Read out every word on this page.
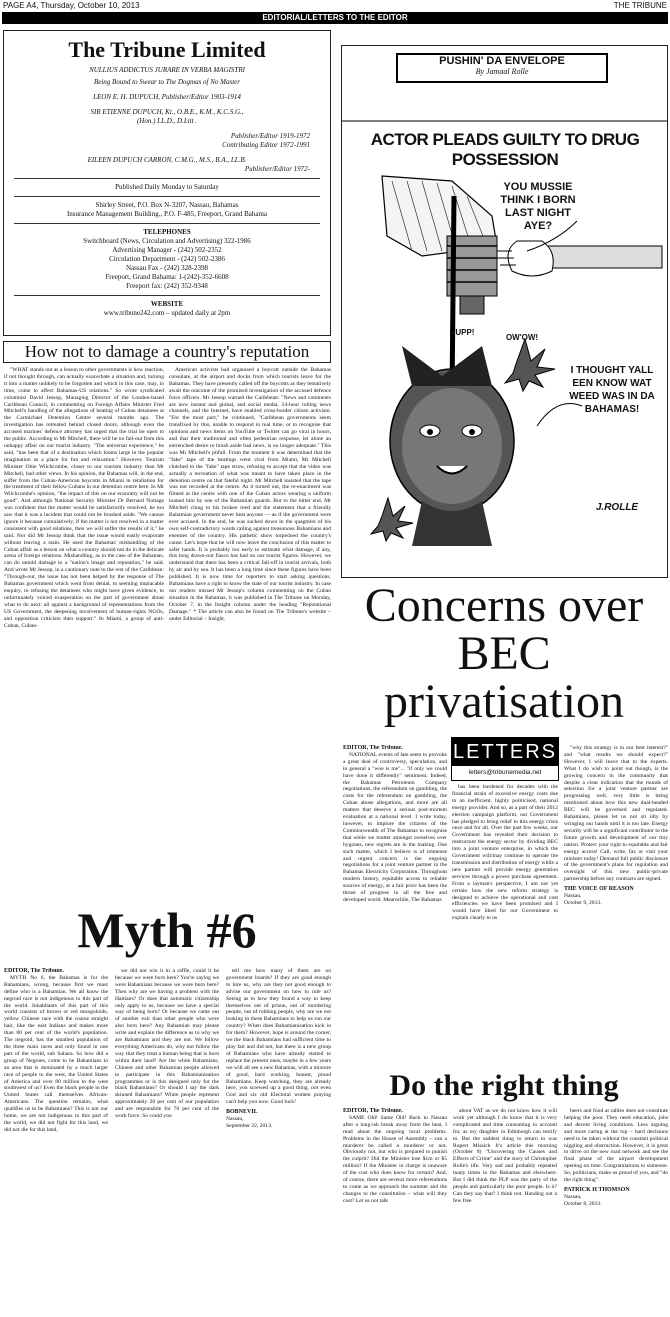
PAGE A4, Thursday, October 10, 2013	THE TRIBUNE
EDITORIAL/LETTERS TO THE EDITOR
The Tribune Limited
NULLIUS ADDICTUS JURARE IN VERBA MAGISTRI
Being Bound to Swear to The Dogmas of No Master
LEON E. H. DUPUCH, Publisher/Editor 1903-1914
SIR ETIENNE DUPUCH, Kt., O.B.E., K.M., K.C.S.G.,
(Hon.) LL.D., D.Litt .
Publisher/Editor 1919-1972
Contributing Editor 1972-1991
EILEEN DUPUCH CARRON, C.M.G., M.S., B.A., LL.B.
Publisher/Editor 1972-
Published Daily Monday to Saturday
Shirley Street, P.O. Box N-3207, Nassau, Bahamas
Insurance Management Building., P.O. F-485, Freeport, Grand Bahama
TELEPHONES
Switchboard (News, Circulation and Advertising) 322-1986
Advertising Manager - (242) 502-2352
Circulation Department - (242) 502-2386
Nassau Fax - (242) 328-2398
Freeport, Grand Bahama: 1-(242)-352-6608
Freeport fax: (242) 352-9348
WEBSITE
www.tribune242.com – updated daily at 2pm
How not to damage a country's reputation

"WHAT stands out as a lesson to other governments is how reaction, if not thought through, can actually exacerbate a situation and, turning it into a matter unlikely to be forgotten and which in this case, may, in time, come to affect Bahamas-US relations." So wrote syndicated columnist David Jessop, Managing Director of the London-based Caribbean Council, in commenting on Foreign Affairs Minister Fred Mitchell's handling of the allegations of beating of Cuban detainees at the Carmichael Detention Centre several months ago. The investigation has retreated behind closed doors, although even the accused marines' defence attorney has urged that the trial be open to the public. According to Mr Mitchell, there will be no fall-out from this unhappy affair on our tourist industry. "The universal experience," he said, "has been that of a destination which looms large in the popular imagination as a place for fun and relaxation." However, Tourism Minister Obie Wilchcombe, closer to our tourism industry than Mr Mitchell, had other views. In his opinion, the Bahamas will, in the end, suffer from the Cuban-American boycotts in Miami in retaliation for the treatment of their fellow Cubans in our detention centre here. In Mr Wilchcombe's opinion, "the impact of this on our economy will not be good". And although National Security Minister Dr Bernard Nottage was confident that the matter would be satisfactorily resolved, he too saw that it was a incident that could not be brushed aside. "We cannot ignore it because cumulatively, if the matter is not resolved in a matter consistent with good relations, then we will suffer the results of it," he said. Nor did Mr Jessop think that the issue would easily evaporate without leaving a stain. He used the Bahamas' mishandling of the Cuban affair as a lesson on what a country should not do in the delicate arena of foreign relations. Mishandling, as in the case of the Bahamas, can do untold damage to a "nation's image and reputation," he said. And wrote Mr Jessop, in a cautionary note to the rest of the Caribbean: "Through-out, the issue has not been helped by the response of The Bahamas government which went from denial, to seeming implacable enquiry, to refusing the detainees who might have given evidence, to unfortunately voiced exasperation on the part of government about what to do next: all against a background of representations from the US Government, the deepening involvement of human-rights NGOs, and opposition criticism then support." In Miami, a group of anti-Cuban, Cuban-

American activists had organised a boycott outside the Bahamas consulate, at the airport and docks from which tourists leave for the Bahamas. They have presently called off the boycotts as they tentatively await the outcome of the promised investigation of the accused defence force officers. Mr Jessop warned the Caribbean: "News and comments are now instant and global, and social media, 24-hour rolling news channels, and the Internet, have enabled cross-border citizen activism. "For the most part," he continued, "Caribbean governments seem transfixed by this, unable to respond in real time, or to recognise that opinions and news items on YouTube or Twitter can go viral in hours, and that their traditional and often pedestrian response, let alone an entrenched desire to brush aside bad news, is no longer adequate." This was Mr Mitchell's pitfall. From the moment it was determined that the "fake" tape of the beatings went viral from Miami, Mr Mitchell clutched to the "fake" tape straw, refusing to accept that the video was actually a recreation of what was meant to have taken place in the detention centre on that fateful night. Mr Mitchell insisted that the tape was not recorded at the centre. As it turned out, the re-enactment was filmed at the centre with one of the Cuban actors wearing a uniform loaned him by one of the Bahamian guards. But to the bitter end, Mr Mitchell clung to his broken reed and the statement that a friendly Bahamian government never beat anyone — as if the government were ever accused. In the end, he was sucked down in the quagmire of his own self-contradictory words railing against treasonous Bahamians and enemies of the country. His pathetic show torpedoed the country's cause. Let's hope that he will now leave the conclusion of this matter to safer hands. It is probably too early to estimate what damage, if any, this long drawn-out fiasco has had on our tourist figures. However, we understand that there has been a critical fall-off in tourist arrivals, both by air and by sea. It has been a long time since these figures have been published. It is now time for reporters to start asking questions. Bahamians have a right to know the state of our tourist industry. In case our readers missed Mr Jessop's column commenting on the Cuban situation in the Bahamas, it was published in The Tribune on Monday, October 7, in the Insight column under the heading "Reputational Damage." * The article can also be found on The Tribune's website – under Editorial – Insight.

YOU MUSSIE THINK I BORN LAST NIGHT AYE?
I THOUGHT YALL EEN KNOW WAT WEED WAS IN DA BAHAMAS!
BUPP!
OW'OW!
J.ROLLE
PUSHIN' DA ENVELOPE
By Jamaal Rolle
ACTOR PLEADS GUILTY TO DRUG POSSESSION
Concerns over BEC privatisation
EDITOR, The Tribune.

NATIONAL events of late seem to provoke a great deal of controversy, speculation, and in general a "woe is me"... "if only we could have done it differently" sentiment. Indeed, the Bahamas Petroleum Company negotiations, the referendum on gambling, the costs for the referendum on gambling, the Cuban abuse allegations, and more are all matters that deserve a serious post-mortem evaluation at a national level. I write today, however, to implore the citizens of the Commonwealth of The Bahamas to recognise that while we mutter amongst ourselves over bygones, new regrets are in the making. One such matter, which I believe is of immense and urgent concern is the ongoing negotiations for a joint venture partner in the Bahamas Electricity Corporation. Throughout modern history, equitable access to reliable sources of energy, at a fair price has been the thrust of progress in all the free and developed world. Meanwhile, The Bahamas

LETTERS
letters@tribunemedia.net

has been burdened for decades with the financial strain of excessive energy costs due to an inefficient, highly politicised, national energy provider. And so, as a part of their 2012 election campaign platform, our Government has pledged to bring relief to this energy crisis once and for all. Over the past few weeks, our Government has revealed their decision to restructure the energy sector by dividing BEC into a joint venture enterprise, in which the Government will/may continue to operate the transmission and distribution of energy while a new partner will provide energy generation services through a power purchase agreement. From a layman's perspective, I am not yet certain how the new reform strategy is designed to achieve the operational and cost efficiencies we have been promised and I would have liked for our Government to explain clearly to us

"why this strategy is in our best interest?" and "what results we should expect?" However, I will leave that to the experts. What I do wish to point out though, is the growing concern in the community that despite a clear indication that the rounds of selection for a joint venture partner are progressing well, very little is being mentioned about how this new dual-headed BEC will be governed and regulated. Bahamians, please let us not sit idly by wringing our hands until it is too late. Energy security will be a significant contributor to the future growth and development of our tiny nation. Protect your right to equitable and fair energy access! Call, write, fax or visit your minister today! Demand full public disclosure of the government's plans for regulation and oversight of this new public-private partnership before any contracts are signed.

THE VOICE OF REASON
Nassau,
October 9, 2013.
Myth #6
EDITOR, The Tribune.

MYTH No 6, the Bahamas is for the Bahamians, wrong, because first we must define who is a Bahamian. We all know the negroid race is not indigenous to this part of the world. Inhabitants of this part of this world consists of brown or red mongoloids, yellow Chinese race with the coarse straight hair, like the east Indians and makes more than 80 per cent of the world's population. The negroid, has the smallest population of the three main races and only found in one part of the world, sub Sahara. So how did a group of Negroes, come to be Bahamians in an area that is dominated by a much larger race of people to the west, the United States of America and over 80 million to the west southwest of us? Even the black people in the United States call themselves African-Americans. The question remains, what qualifies us to be Bahamians? This is not our home, we are not indigenous to this part of the world, we did not fight for this land, we did not die for this land,

we did not win it in a raffle, could it be because we were born here? You're saying we were Bahamians because we were born here? Then why are we having a problem with the Haitians? Or does that automatic citizenship only apply to us, because we have a special way of being born? Or because we came out of another exit than other people who were also born here? Any Bahamian may please write and explain the difference as to why we are Bahamians and they are not. We follow everything Americans do, why not follow the way that they treat a human being that is born within their land? Are the white Bahamians, Chinese and other Bahamian people allowed to participate in this Bahamianisation programmes or is this designed only for the black Bahamians? Or should I say the dark skinned Bahamians? White people represent approximately 20 per cent of our population and are responsible for 70 per cent of the work force. So could you

tell me how many of them are on government boards? If they are good enough to hire us, why are they not good enough to advise our government on how to rule us? Seeing as to how they found a way to keep themselves out of prison, out of murdering people, out of robbing people, why are we not looking to these Bahamians to help us run our country? When does Bahamianisation kick in for them? However, hope is around the corner, we the black Bahamians had sufficient time to play fair and did not, but there is a new group of Bahamians who have already started to replace the present ones, maybe in a few years we will all see a new Bahamas, with a mixture of good, hard working, honest, proud Bahamians. Keep watching, they are already here, you screwed up a good thing, not even God and six old Electoral women praying can't help you now. Good luck!

BOBNEVIL
Nassau,
September 22, 2013.
Do the right thing
EDITOR, The Tribune.

SAME Old! Same Old! Back to Nassau after a long-ish break away from the heat, I read about the ongoing local problems. Problems in the House of Assembly – can a murderer be called a murderer or not. Obviously not, but who is prepared to punish the culprit? Did the Minister lose $1m or $5 million? If the Minister in charge is unaware of the cost who does know for certain? And, of course, there are several more referendums to come as we approach the summer and the changes to the constitution – what will they cost? Let us not talk

about VAT as we do not know how it will work yet although I do know that it is very complicated and time consuming to account for, as my daughter in Edinburgh can testify to. But the saddest thing to return to was Rupert Missick Jr's article this morning (October 8) "Uncovering the Causes and Effects of Crime" and the story of Christopher Rolle's life. Very sad and probably repeated many times in the Bahamas and elsewhere. But I did think the PLP was the party of the people and particularly the poor people. Is it? Can they say that? I think not. Handing out a few free

beers and food at rallies does not constitute helping the poor. They need education, jobs and decent living conditions. Less arguing and more caring at the top – hard decisions need to be taken without the constant political niggling and obstruction. However, it is great to drive on the new road network and see the final phase of the airport development opening on time. Congratulations to someone. So, politicians, make us proud of you, and "do the right thing".

PATRICK H THOMSON
Nassau,
October 8, 2013.
